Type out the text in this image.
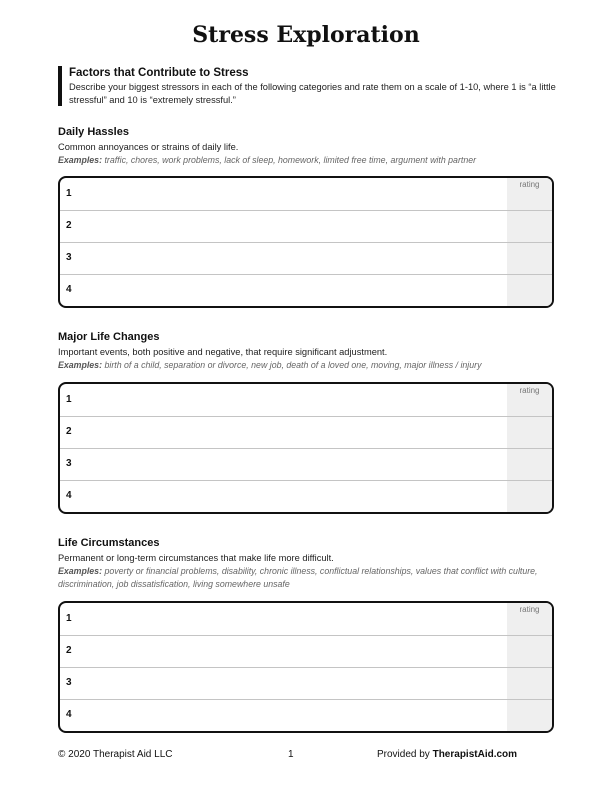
Stress Exploration
Factors that Contribute to Stress
Describe your biggest stressors in each of the following categories and rate them on a scale of 1-10, where 1 is “a little stressful” and 10 is “extremely stressful.”
Daily Hassles
Common annoyances or strains of daily life.
Examples: traffic, chores, work problems, lack of sleep, homework, limited free time, argument with partner
rating
1
2
3
4
Major Life Changes
Important events, both positive and negative, that require significant adjustment.
Examples: birth of a child, separation or divorce, new job, death of a loved one, moving, major illness / injury
rating
1
2
3
4
Life Circumstances
Permanent or long-term circumstances that make life more difficult.
Examples: poverty or financial problems, disability, chronic illness, conflictual relationships, values that conflict with culture, discrimination, job dissatisfication, living somewhere unsafe
rating
1
2
3
4
© 2020 Therapist Aid LLC	1	Provided by TherapistAid.com
